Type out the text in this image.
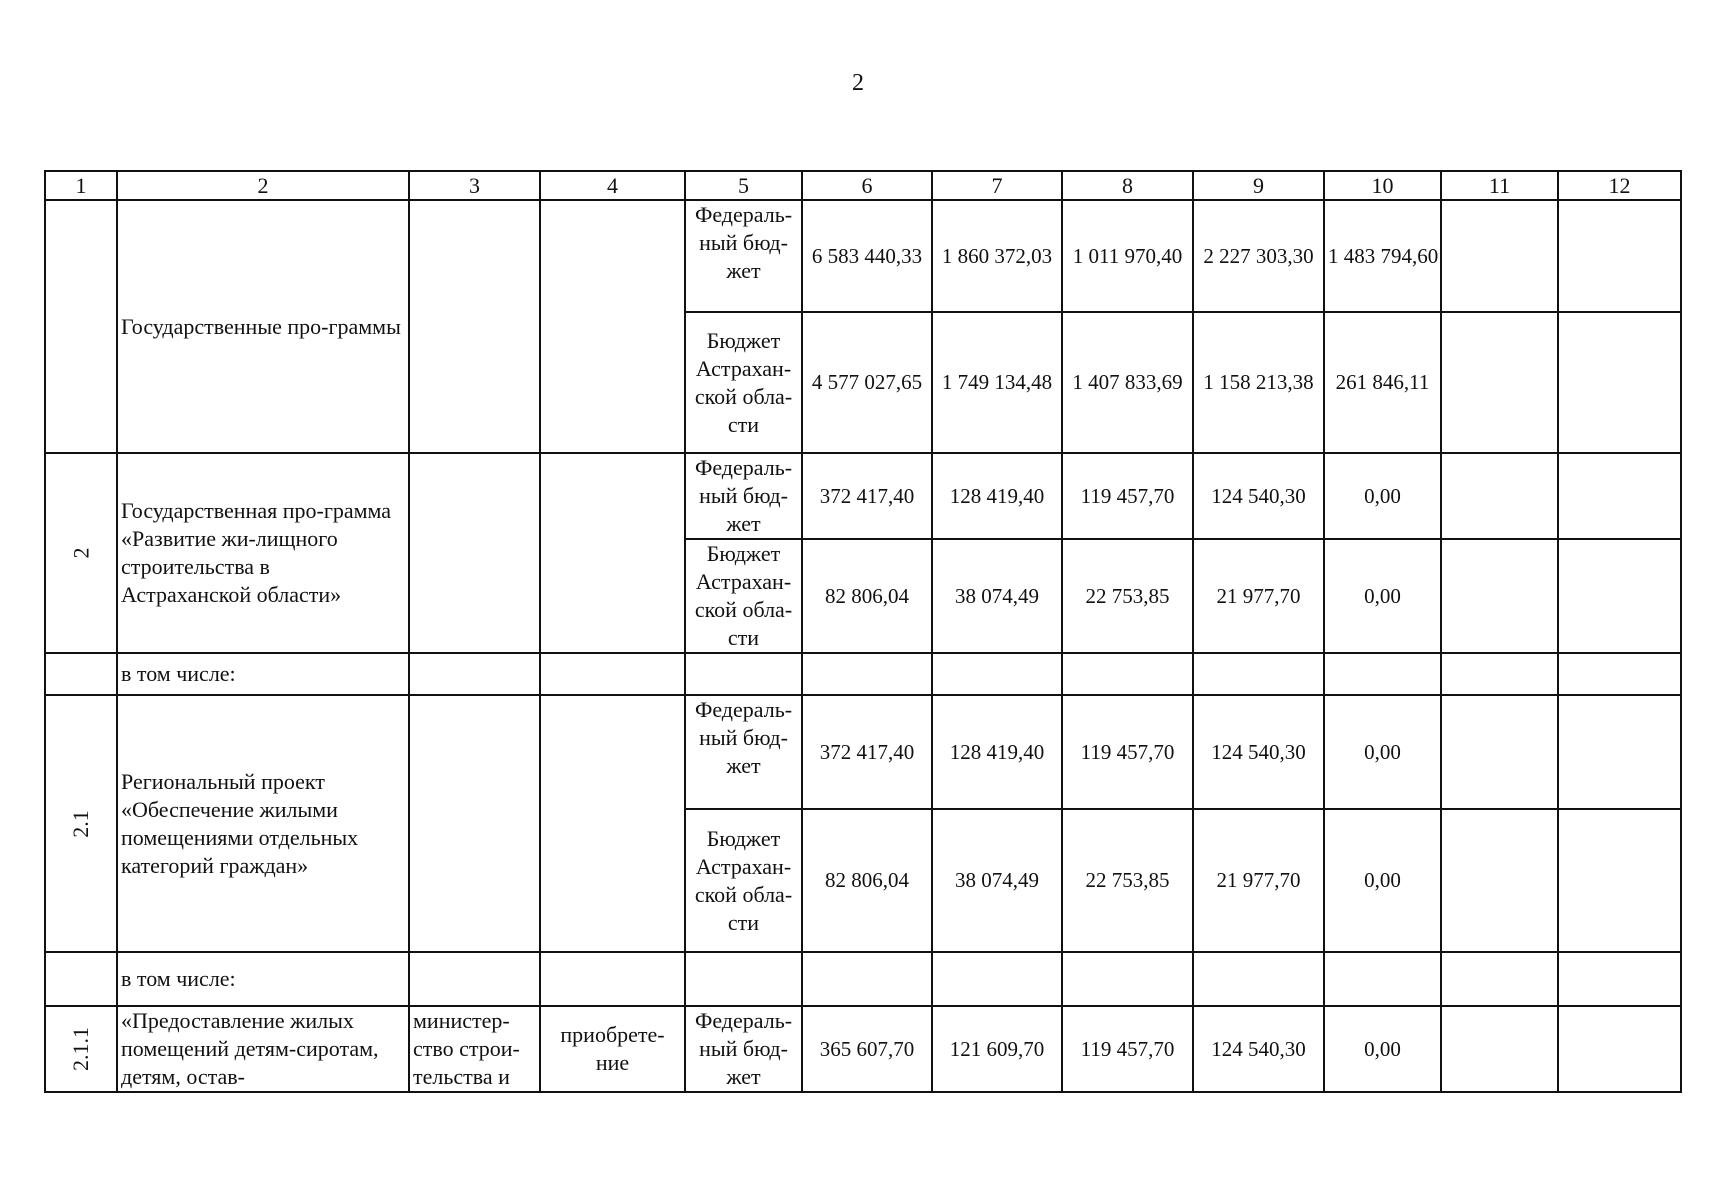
2
1	2	3	4	5	6	7	8	9	10	11	12
	Государственные про-граммы			Федераль-ный бюд-жет	6 583 440,33	1 860 372,03	1 011 970,40	2 227 303,30	1 483 794,60		
				Бюджет Астрахан-ской обла-сти	4 577 027,65	1 749 134,48	1 407 833,69	1 158 213,38	261 846,11		
2	Государственная про-грамма «Развитие жи-лищного строительства в Астраханской области»			Федераль-ный бюд-жет	372 417,40	128 419,40	119 457,70	124 540,30	0,00		
				Бюджет Астрахан-ской обла-сти	82 806,04	38 074,49	22 753,85	21 977,70	0,00		
	в том числе:										
2.1	Региональный проект «Обеспечение жилыми помещениями отдельных категорий граждан»			Федераль-ный бюд-жет	372 417,40	128 419,40	119 457,70	124 540,30	0,00		
				Бюджет Астрахан-ской обла-сти	82 806,04	38 074,49	22 753,85	21 977,70	0,00		
	в том числе:										
2.1.1	«Предоставление жилых помещений детям-сиротам, детям, остав-	министер-ство строи-тельства и	приобрете-ние	Федераль-ный бюд-жет	365 607,70	121 609,70	119 457,70	124 540,30	0,00		
